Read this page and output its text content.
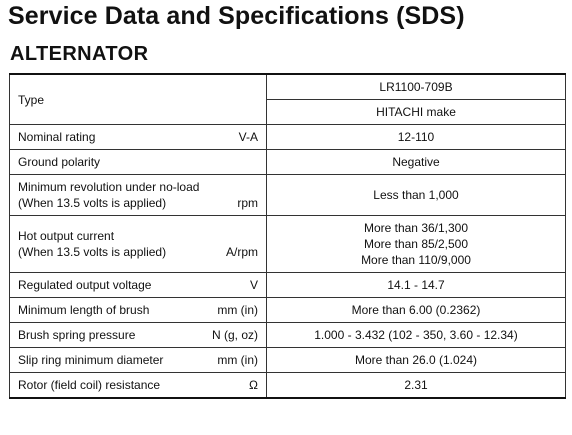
Service Data and Specifications (SDS)
ALTERNATOR
Type	LR1100-709B
	HITACHI make

Nominal rating V-A	12-110

Ground polarity	Negative

Minimum revolution under no-load
(When 13.5 volts is applied) rpm	Less than 1,000

Hot output current
(When 13.5 volts is applied) A/rpm	More than 36/1,300
More than 85/2,500
More than 110/9,000

Regulated output voltage V	14.1 - 14.7

Minimum length of brush mm (in)	More than 6.00 (0.2362)

Brush spring pressure N (g, oz)	1.000 - 3.432 (102 - 350, 3.60 - 12.34)

Slip ring minimum diameter mm (in)	More than 26.0 (1.024)

Rotor (field coil) resistance Ω	2.31
